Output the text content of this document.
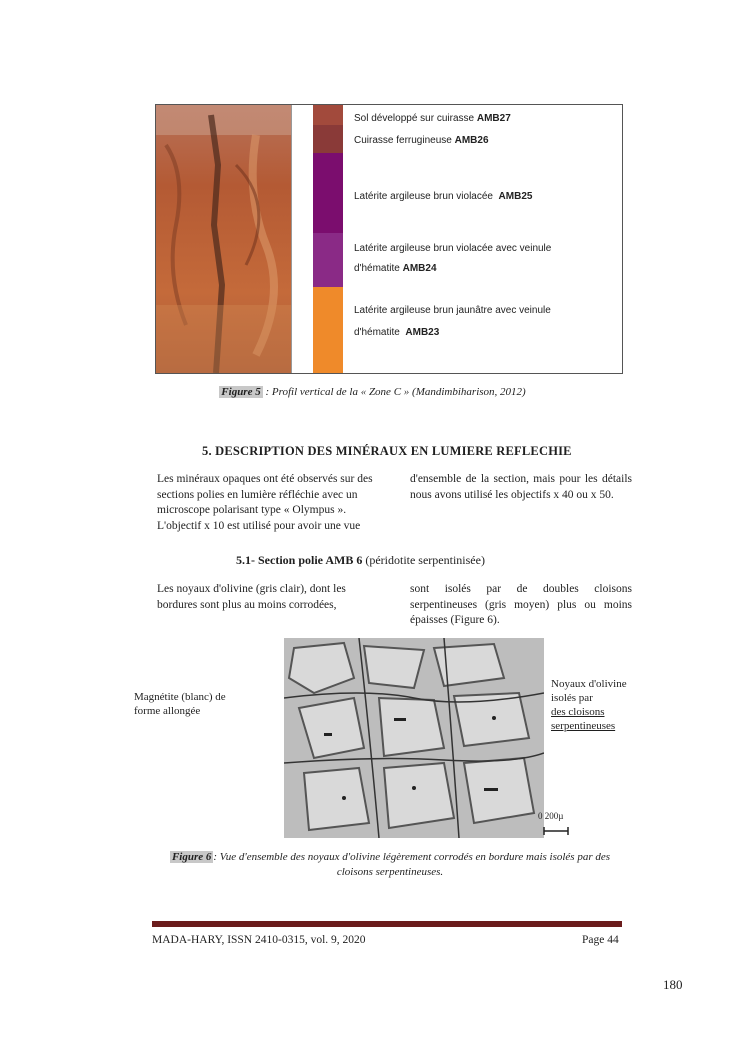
Sol développé sur cuirasse AMB27
Cuirasse ferrugineuse AMB26
Latérite argileuse brun violacée AMB25
Latérite argileuse brun violacée avec veinule
d'hématite AMB24
Latérite argileuse brun jaunâtre avec veinule
d'hématite AMB23
Figure 5 : Profil vertical de la « Zone C » (Mandimbiharison, 2012)
5. DESCRIPTION DES MINÉRAUX EN LUMIERE REFLECHIE
Les minéraux opaques ont été observés sur des sections polies en lumière réfléchie avec un microscope polarisant type « Olympus ». L'objectif x 10 est utilisé pour avoir une vue
d'ensemble de la section, mais pour les détails nous avons utilisé les objectifs x 40 ou x 50.
5.1- Section polie AMB 6 (péridotite serpentinisée)
Les noyaux d'olivine (gris clair), dont les bordures sont plus au moins corrodées,
sont isolés par de doubles cloisons serpentineuses (gris moyen) plus ou moins épaisses (Figure 6).
Magnétite (blanc) de forme allongée
Noyaux d'olivine
isolés par
des cloisons
serpentineuses
0 200µ
Figure 6 : Vue d'ensemble des noyaux d'olivine légèrement corrodés en bordure mais isolés par des cloisons serpentineuses.
MADA-HARY, ISSN 2410-0315, vol. 9, 2020	Page 44
180
